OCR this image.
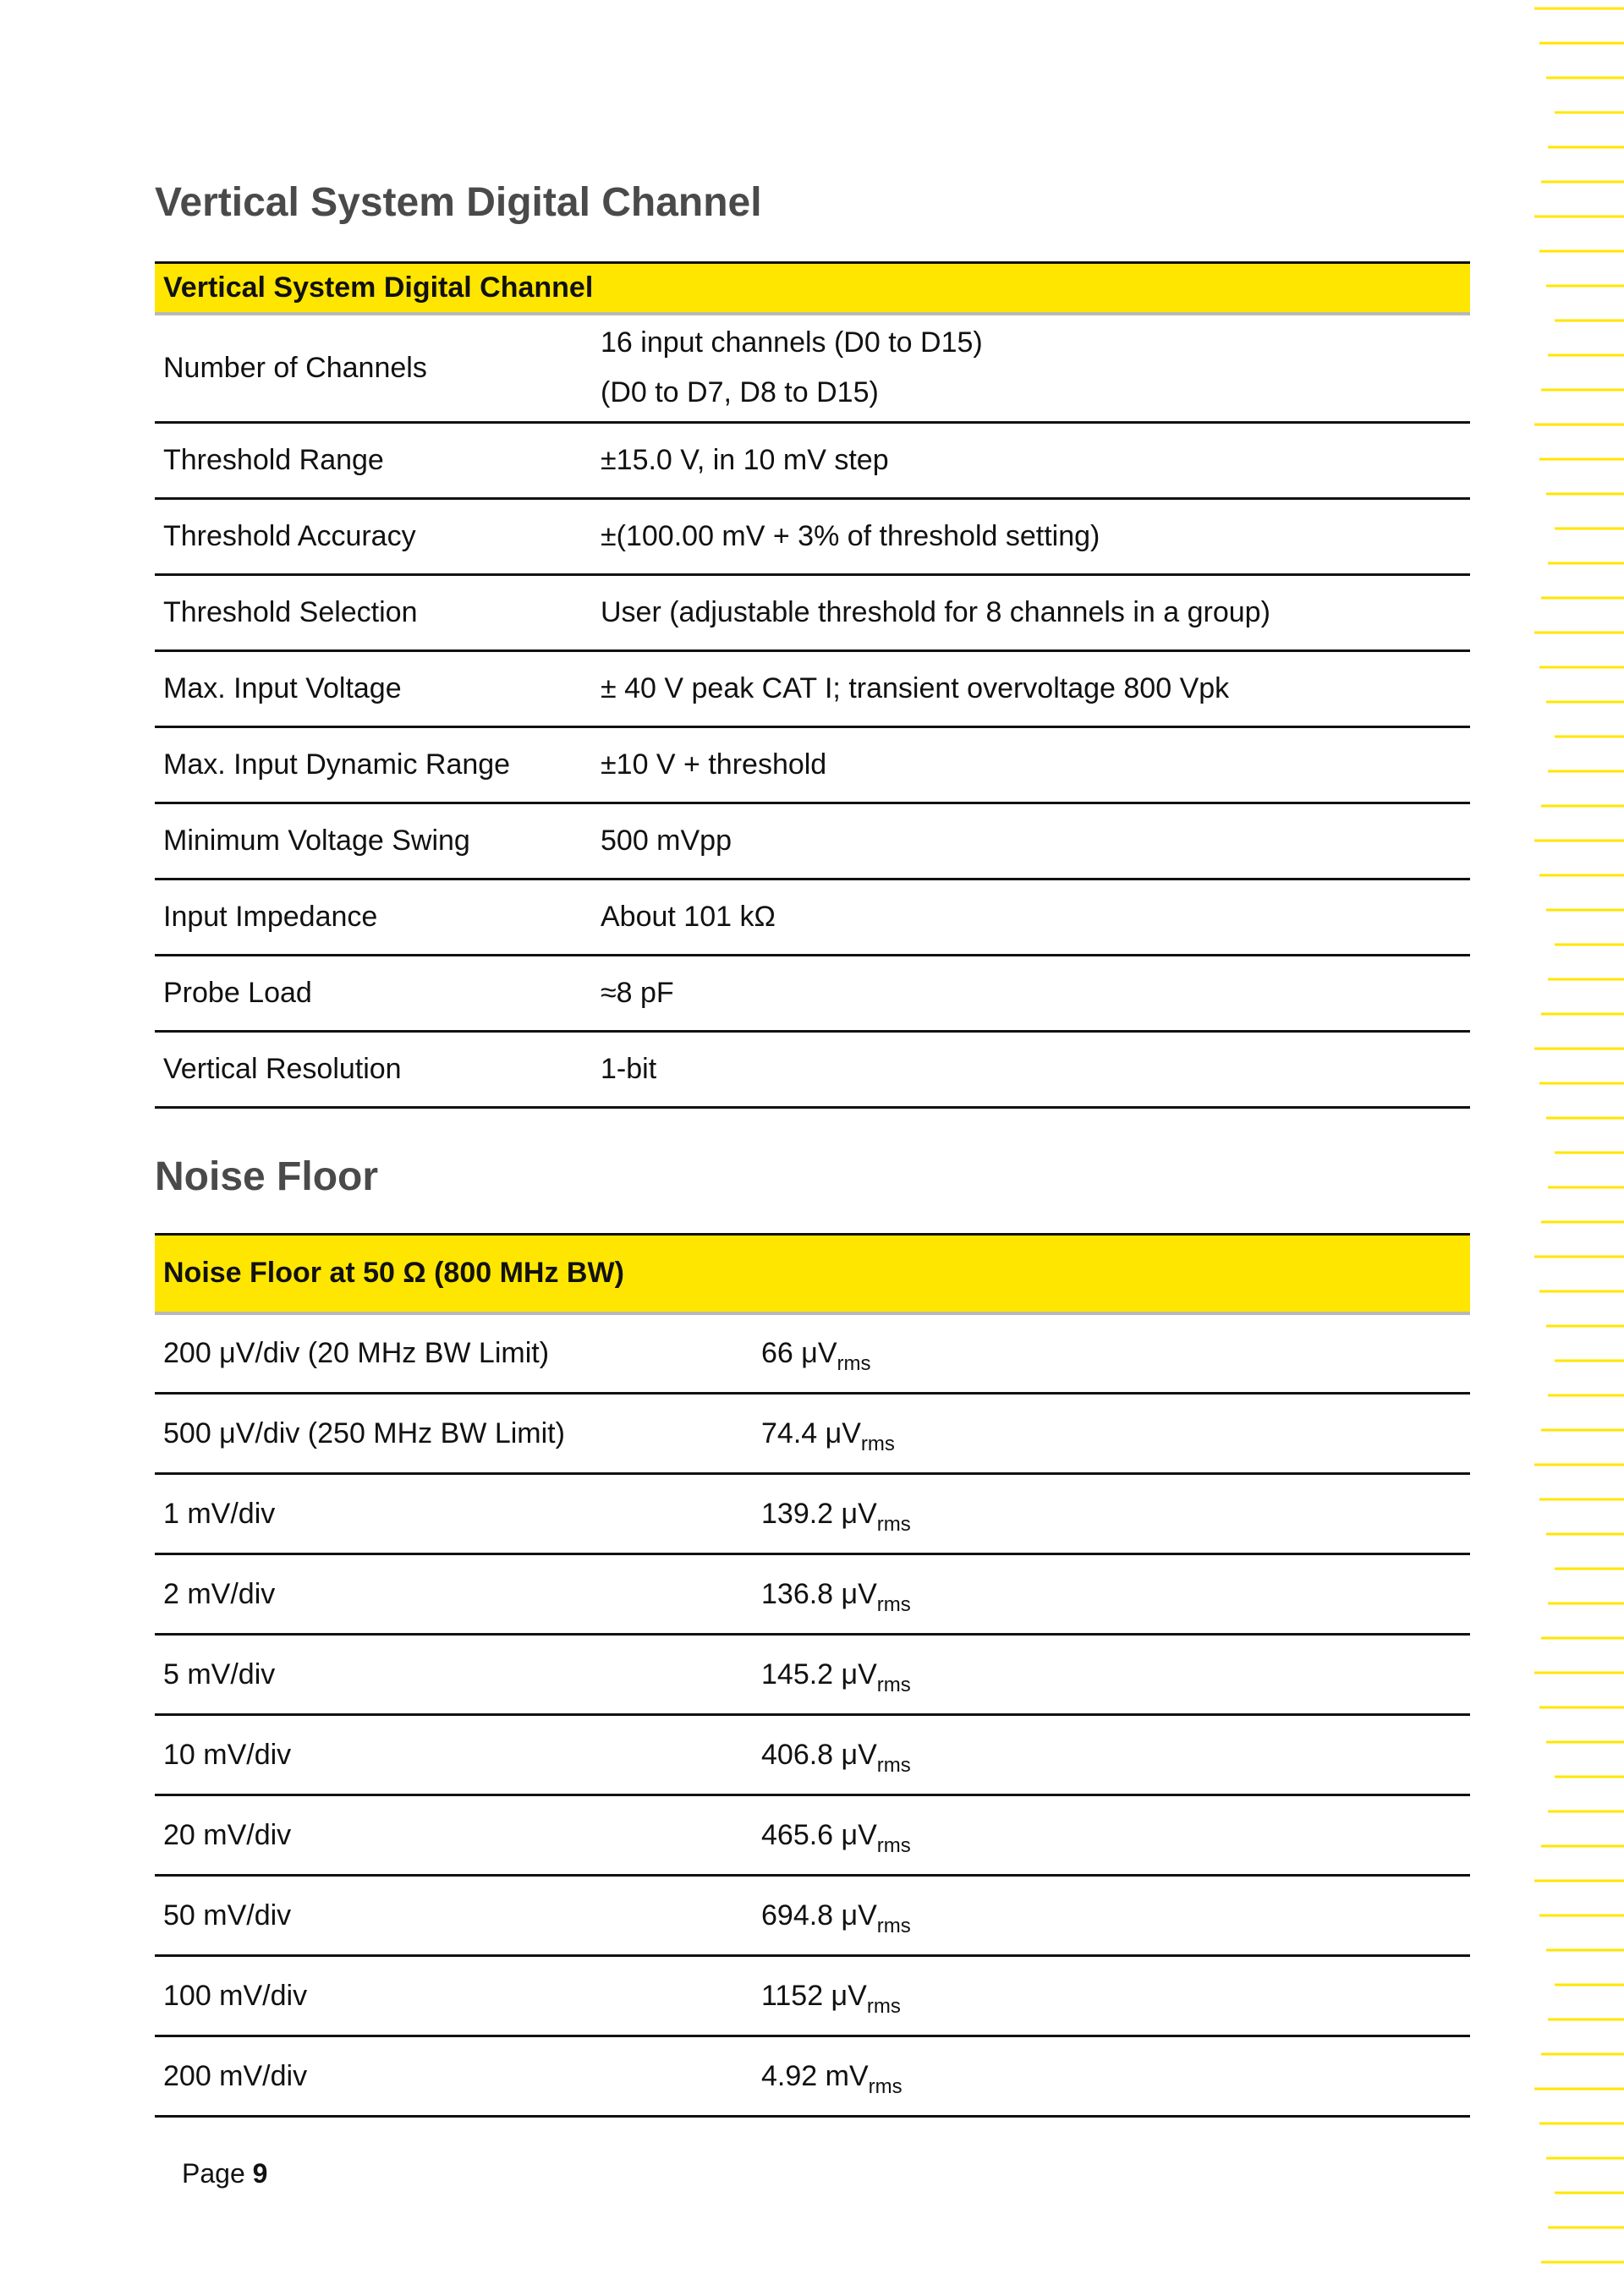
Vertical System Digital Channel
Vertical System Digital Channel	
Number of Channels	16 input channels (D0 to D15)
(D0 to D7, D8 to D15)

Threshold Range	±15.0 V, in 10 mV step
Threshold Accuracy	±(100.00 mV + 3% of threshold setting)
Threshold Selection	User (adjustable threshold for 8 channels in a group)
Max. Input Voltage	± 40 V peak CAT I; transient overvoltage 800 Vpk
Max. Input Dynamic Range	±10 V + threshold
Minimum Voltage Swing	500 mVpp
Input Impedance	About 101 kΩ
Probe Load	≈8 pF
Vertical Resolution	1-bit
Noise Floor
Noise Floor at 50 Ω (800 MHz BW)	
200 μV/div (20 MHz BW Limit)	66 $\mu V_{rms}$
500 μV/div (250 MHz BW Limit)	74.4 $\mu V_{rms}$
1 mV/div	139.2 $\mu V_{rms}$
2 mV/div	136.8 $\mu V_{rms}$
5 mV/div	145.2 $\mu V_{rms}$
10 mV/div	406.8 $\mu V_{rms}$
20 mV/div	465.6 $\mu V_{rms}$
50 mV/div	694.8 $\mu V_{rms}$
100 mV/div	1152 $\mu V_{rms}$
200 mV/div	4.92 $mV_{rms}$
Page 9
